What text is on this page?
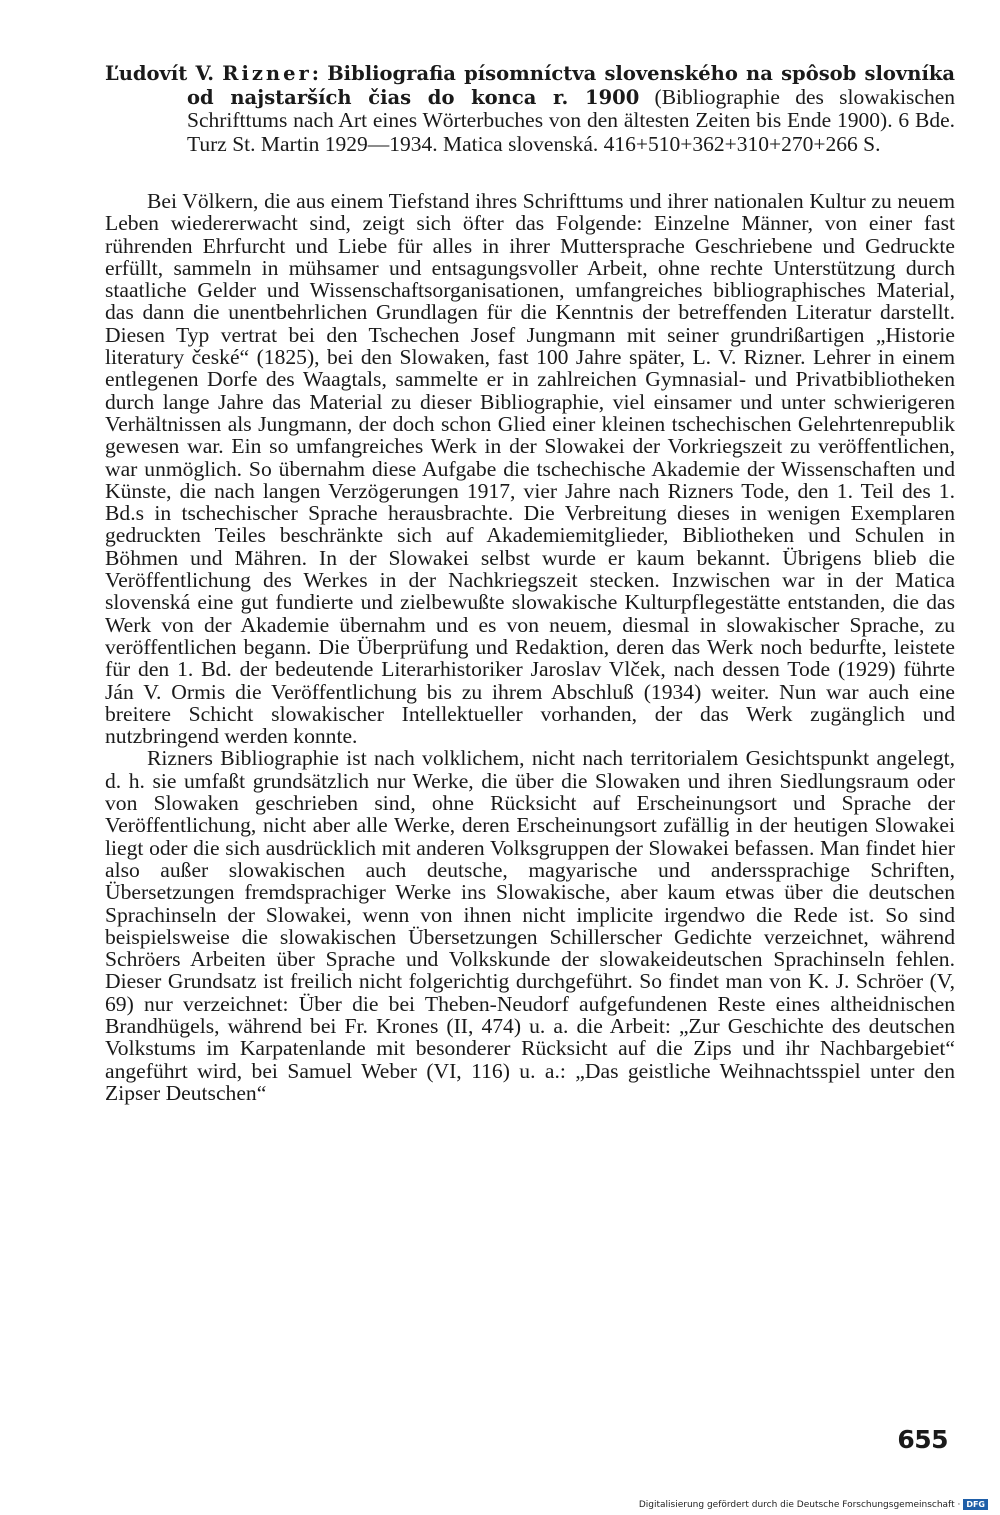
Ľudovít V. Rizner: Bibliografia písomníctva slovenského na spôsob slovníka od najstarších čias do konca r. 1900 (Bibliographie des slowakischen Schrifttums nach Art eines Wörterbuches von den ältesten Zeiten bis Ende 1900). 6 Bde. Turz St. Martin 1929—1934. Matica slovenská. 416+510+362+310+270+266 S.

Bei Völkern, die aus einem Tiefstand ihres Schrifttums und ihrer nationalen Kultur zu neuem Leben wiedererwacht sind, zeigt sich öfter das Folgende: Einzelne Männer, von einer fast rührenden Ehrfurcht und Liebe für alles in ihrer Muttersprache Geschriebene und Gedruckte erfüllt, sammeln in mühsamer und entsagungsvoller Arbeit, ohne rechte Unterstützung durch staatliche Gelder und Wissenschaftsorganisationen, umfangreiches bibliographisches Material, das dann die unentbehrlichen Grundlagen für die Kenntnis der betreffenden Literatur darstellt. Diesen Typ vertrat bei den Tschechen Josef Jungmann mit seiner grundrißartigen „Historie literatury české“ (1825), bei den Slowaken, fast 100 Jahre später, L. V. Rizner. Lehrer in einem entlegenen Dorfe des Waagtals, sammelte er in zahlreichen Gymnasial- und Privatbibliotheken durch lange Jahre das Material zu dieser Bibliographie, viel einsamer und unter schwierigeren Verhältnissen als Jungmann, der doch schon Glied einer kleinen tschechischen Gelehrtenrepublik gewesen war. Ein so umfangreiches Werk in der Slowakei der Vorkriegszeit zu veröffentlichen, war unmöglich. So übernahm diese Aufgabe die tschechische Akademie der Wissenschaften und Künste, die nach langen Verzögerungen 1917, vier Jahre nach Rizners Tode, den 1. Teil des 1. Bd.s in tschechischer Sprache herausbrachte. Die Verbreitung dieses in wenigen Exemplaren gedruckten Teiles beschränkte sich auf Akademiemitglieder, Bibliotheken und Schulen in Böhmen und Mähren. In der Slowakei selbst wurde er kaum bekannt. Übrigens blieb die Veröffentlichung des Werkes in der Nachkriegszeit stecken. Inzwischen war in der Matica slovenská eine gut fundierte und zielbewußte slowakische Kulturpflegestätte entstanden, die das Werk von der Akademie übernahm und es von neuem, diesmal in slowakischer Sprache, zu veröffentlichen begann. Die Überprüfung und Redaktion, deren das Werk noch bedurfte, leistete für den 1. Bd. der bedeutende Literarhistoriker Jaroslav Vlček, nach dessen Tode (1929) führte Ján V. Ormis die Veröffentlichung bis zu ihrem Abschluß (1934) weiter. Nun war auch eine breitere Schicht slowakischer Intellektueller vorhanden, der das Werk zugänglich und nutzbringend werden konnte.

Rizners Bibliographie ist nach volklichem, nicht nach territorialem Gesichtspunkt angelegt, d. h. sie umfaßt grundsätzlich nur Werke, die über die Slowaken und ihren Siedlungsraum oder von Slowaken geschrieben sind, ohne Rücksicht auf Erscheinungsort und Sprache der Veröffentlichung, nicht aber alle Werke, deren Erscheinungsort zufällig in der heutigen Slowakei liegt oder die sich ausdrücklich mit anderen Volksgruppen der Slowakei befassen. Man findet hier also außer slowakischen auch deutsche, magyarische und anderssprachige Schriften, Übersetzungen fremdsprachiger Werke ins Slowakische, aber kaum etwas über die deutschen Sprachinseln der Slowakei, wenn von ihnen nicht implicite irgendwo die Rede ist. So sind beispielsweise die slowakischen Übersetzungen Schillerscher Gedichte verzeichnet, während Schröers Arbeiten über Sprache und Volkskunde der slowakeideutschen Sprachinseln fehlen. Dieser Grundsatz ist freilich nicht folgerichtig durchgeführt. So findet man von K. J. Schröer (V, 69) nur verzeichnet: Über die bei Theben-Neudorf aufgefundenen Reste eines altheidnischen Brandhügels, während bei Fr. Krones (II, 474) u. a. die Arbeit: „Zur Geschichte des deutschen Volkstums im Karpatenlande mit besonderer Rücksicht auf die Zips und ihr Nachbargebiet“ angeführt wird, bei Samuel Weber (VI, 116) u. a.: „Das geistliche Weihnachtsspiel unter den Zipser Deutschen“

655
Digitalisierung gefördert durch die Deutsche Forschungsgemeinschaft · DFG
